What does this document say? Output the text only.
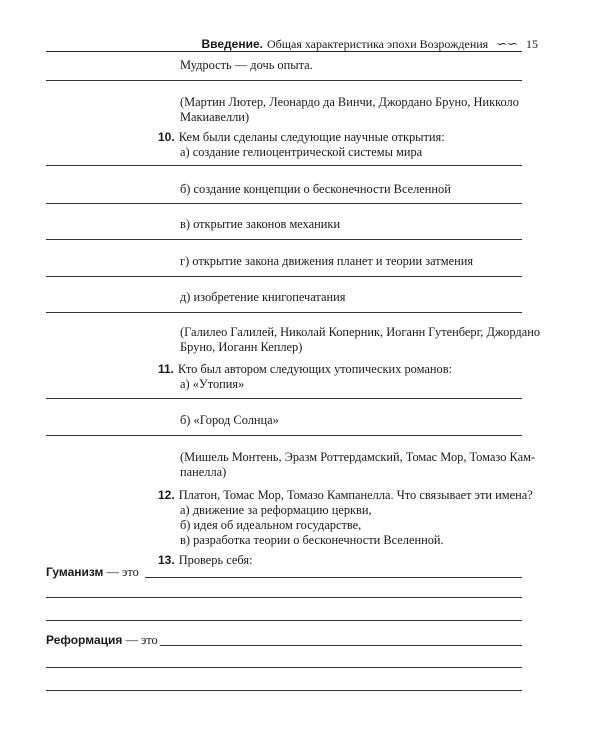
Введение. Общая характеристика эпохи Возрождения ∽∽ 15
Мудрость — дочь опыта.
(Мартин Лютер, Леонардо да Винчи, Джордано Бруно, Никколо
Макиавелли)
10. Кем были сделаны следующие научные открытия:
а) создание гелиоцентрической системы мира
б) создание концепции о бесконечности Вселенной
в) открытие законов механики
г) открытие закона движения планет и теории затмения
д) изобретение книгопечатания
(Галилео Галилей, Николай Коперник, Иоганн Гутенберг, Джордано
Бруно, Иоганн Кеплер)
11. Кто был автором следующих утопических романов:
а) «Утопия»
б) «Город Солнца»
(Мишель Монтень, Эразм Роттердамский, Томас Мор, Томазо Кам-
панелла)
12. Платон, Томас Мор, Томазо Кампанелла. Что связывает эти имена?
а) движение за реформацию церкви,
б) идея об идеальном государстве,
в) разработка теории о бесконечности Вселенной.
13. Проверь себя:
Гуманизм — это
Реформация — это
